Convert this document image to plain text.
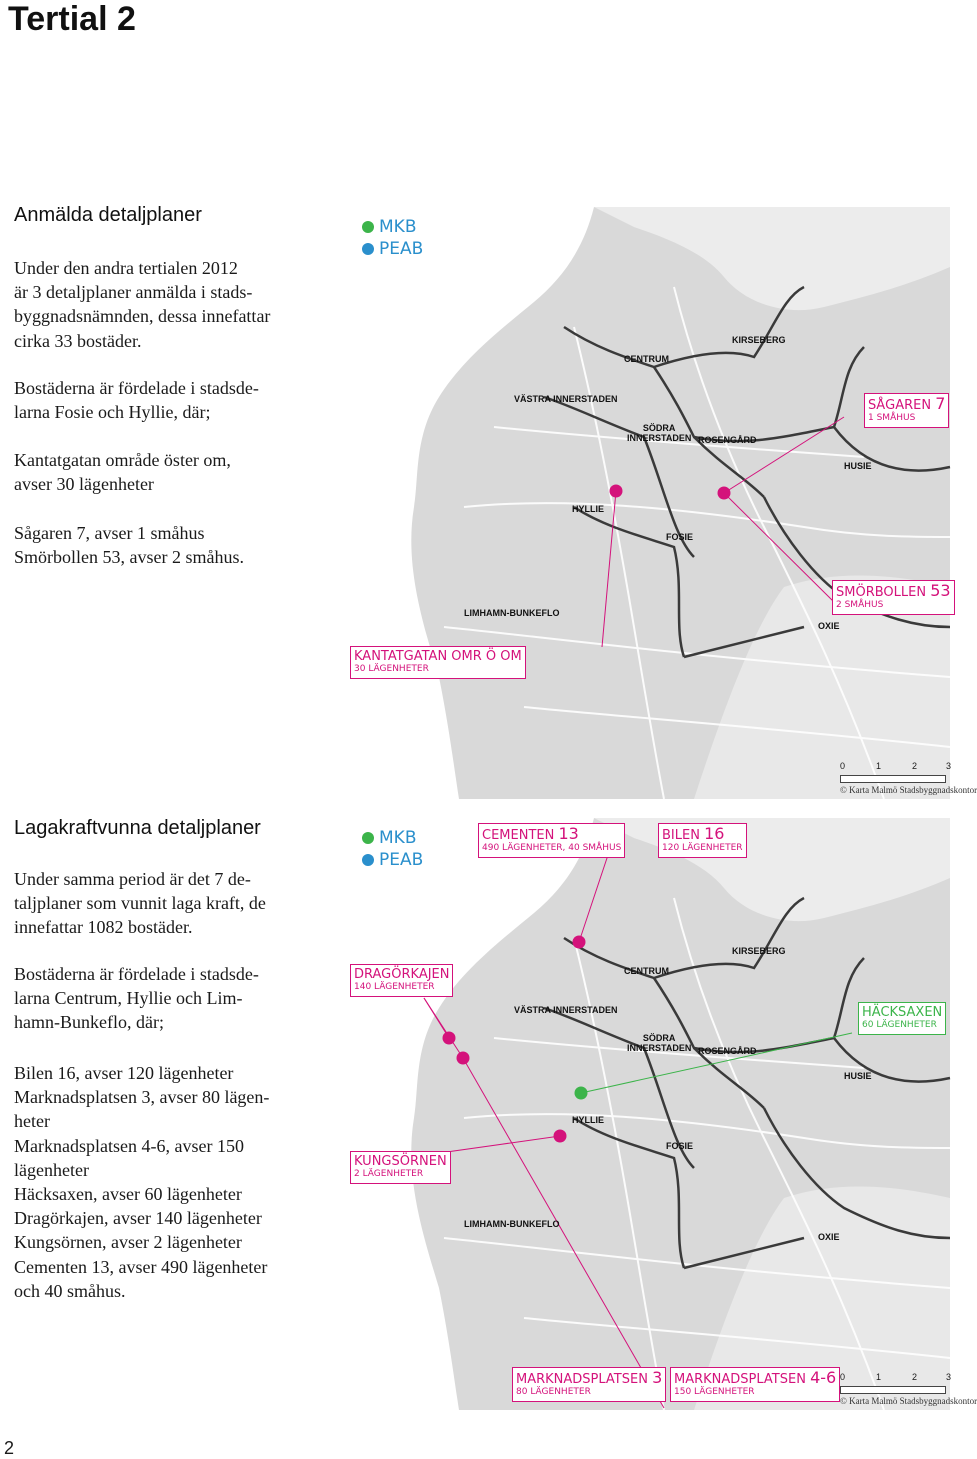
Tertial 2
Anmälda detaljplaner
Under den andra tertialen 2012
är 3 detaljplaner anmälda i stads-
byggnadsnämnden, dessa innefattar
cirka 33 bostäder.
Bostäderna är fördelade i stadsde-
larna Fosie och Hyllie, där;
Kantatgatan område öster om,
avser 30 lägenheter
Sågaren 7, avser 1 småhus
Smörbollen 53, avser 2 småhus.
Lagakraftvunna detaljplaner
Under samma period är det 7 de-
taljplaner som vunnit laga kraft, de
innefattar 1082 bostäder.
Bostäderna är fördelade i stadsde-
larna Centrum, Hyllie och Lim-
hamn-Bunkeflo, där;
Bilen 16, avser 120 lägenheter
Marknadsplatsen 3, avser 80 lägen-
heter
Marknadsplatsen 4-6, avser 150
lägenheter
Häcksaxen, avser 60 lägenheter
Dragörkajen, avser 140 lägenheter
Kungsörnen, avser 2 lägenheter
Cementen 13, avser 490 lägenheter
och 40 småhus.
MKB
PEAB
CENTRUM
KIRSEBERG
VÄSTRA INNERSTADEN
SÖDRA
INNERSTADEN ROSENGÅRD
HUSIE
HYLLIE
FOSIE
LIMHAMN-BUNKEFLO
OXIE
SÅGAREN 7
1 SMÅHUS
SMÖRBOLLEN 53
2 SMÅHUS
KANTATGATAN OMR Ö OM
30 LÄGENHETER
0	1	2	3
© Karta Malmö Stadsbyggnadskontor
MKB
PEAB
CENTRUM
KIRSEBERG
VÄSTRA INNERSTADEN
SÖDRA
INNERSTADEN ROSENGÅRD
HUSIE
HYLLIE
FOSIE
LIMHAMN-BUNKEFLO
OXIE
CEMENTEN 13
490 LÄGENHETER, 40 SMÅHUS
BILEN 16
120 LÄGENHETER
DRAGÖRKAJEN
140 LÄGENHETER
HÄCKSAXEN
60 LÄGENHETER
KUNGSÖRNEN
2 LÄGENHETER
MARKNADSPLATSEN 3
80 LÄGENHETER
MARKNADSPLATSEN 4-6
150 LÄGENHETER
0	1	2	3
© Karta Malmö Stadsbyggnadskontor
2
